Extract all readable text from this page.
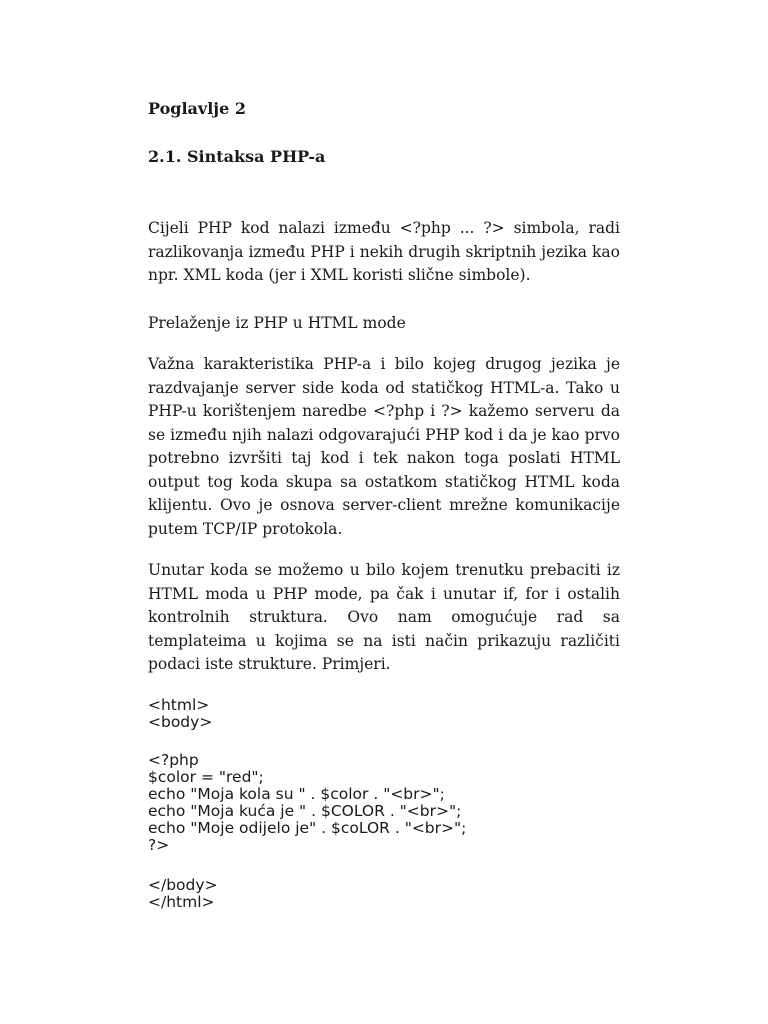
Poglavlje 2
2.1. Sintaksa PHP-a

Cijeli PHP kod nalazi između <?php ... ?> simbola, radi razlikovanja između PHP i nekih drugih skriptnih jezika kao npr. XML koda (jer i XML koristi slične simbole).

Prelaženje iz PHP u HTML mode

Važna karakteristika PHP-a i bilo kojeg drugog jezika je razdvajanje server side koda od statičkog HTML-a. Tako u PHP-u korištenjem naredbe <?php i ?> kažemo serveru da se između njih nalazi odgovarajući PHP kod i da je kao prvo potrebno izvršiti taj kod i tek nakon toga poslati HTML output tog koda skupa sa ostatkom statičkog HTML koda klijentu. Ovo je osnova server-client mrežne komunikacije putem TCP/IP protokola.

Unutar koda se možemo u bilo kojem trenutku prebaciti iz HTML moda u PHP mode, pa čak i unutar if, for i ostalih kontrolnih struktura. Ovo nam omogućuje rad sa templateima u kojima se na isti način prikazuju različiti podaci iste strukture. Primjeri.

<html>
<body>
<?php
$color = "red";
echo "Moja kola su " . $color . "<br>";
echo "Moja kuća je " . $COLOR . "<br>";
echo "Moje odijelo je" . $coLOR . "<br>";
?>
</body>
</html>
